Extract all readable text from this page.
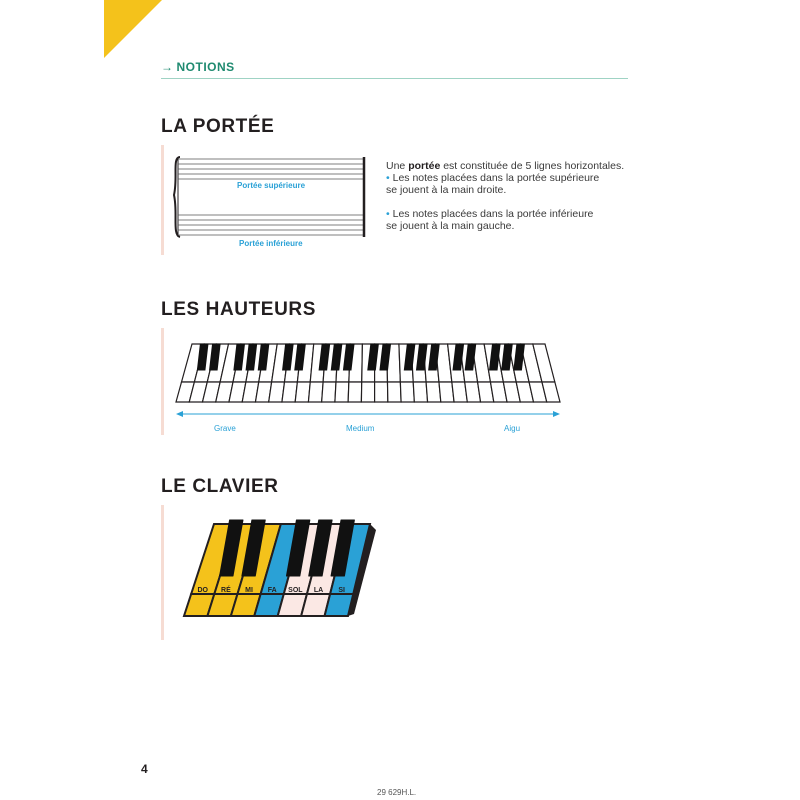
→ NOTIONS
LA PORTÉE
Portée supérieure
Portée inférieure

Une portée est constituée de 5 lignes horizontales.

• Les notes placées dans la portée supérieure

se jouent à la main droite.

• Les notes placées dans la portée inférieure

se jouent à la main gauche.

LES HAUTEURS
Grave	Medium	Aigu
LE CLAVIER
DO RÉ MI FA SOL LA SI
4
29 629H.L.
